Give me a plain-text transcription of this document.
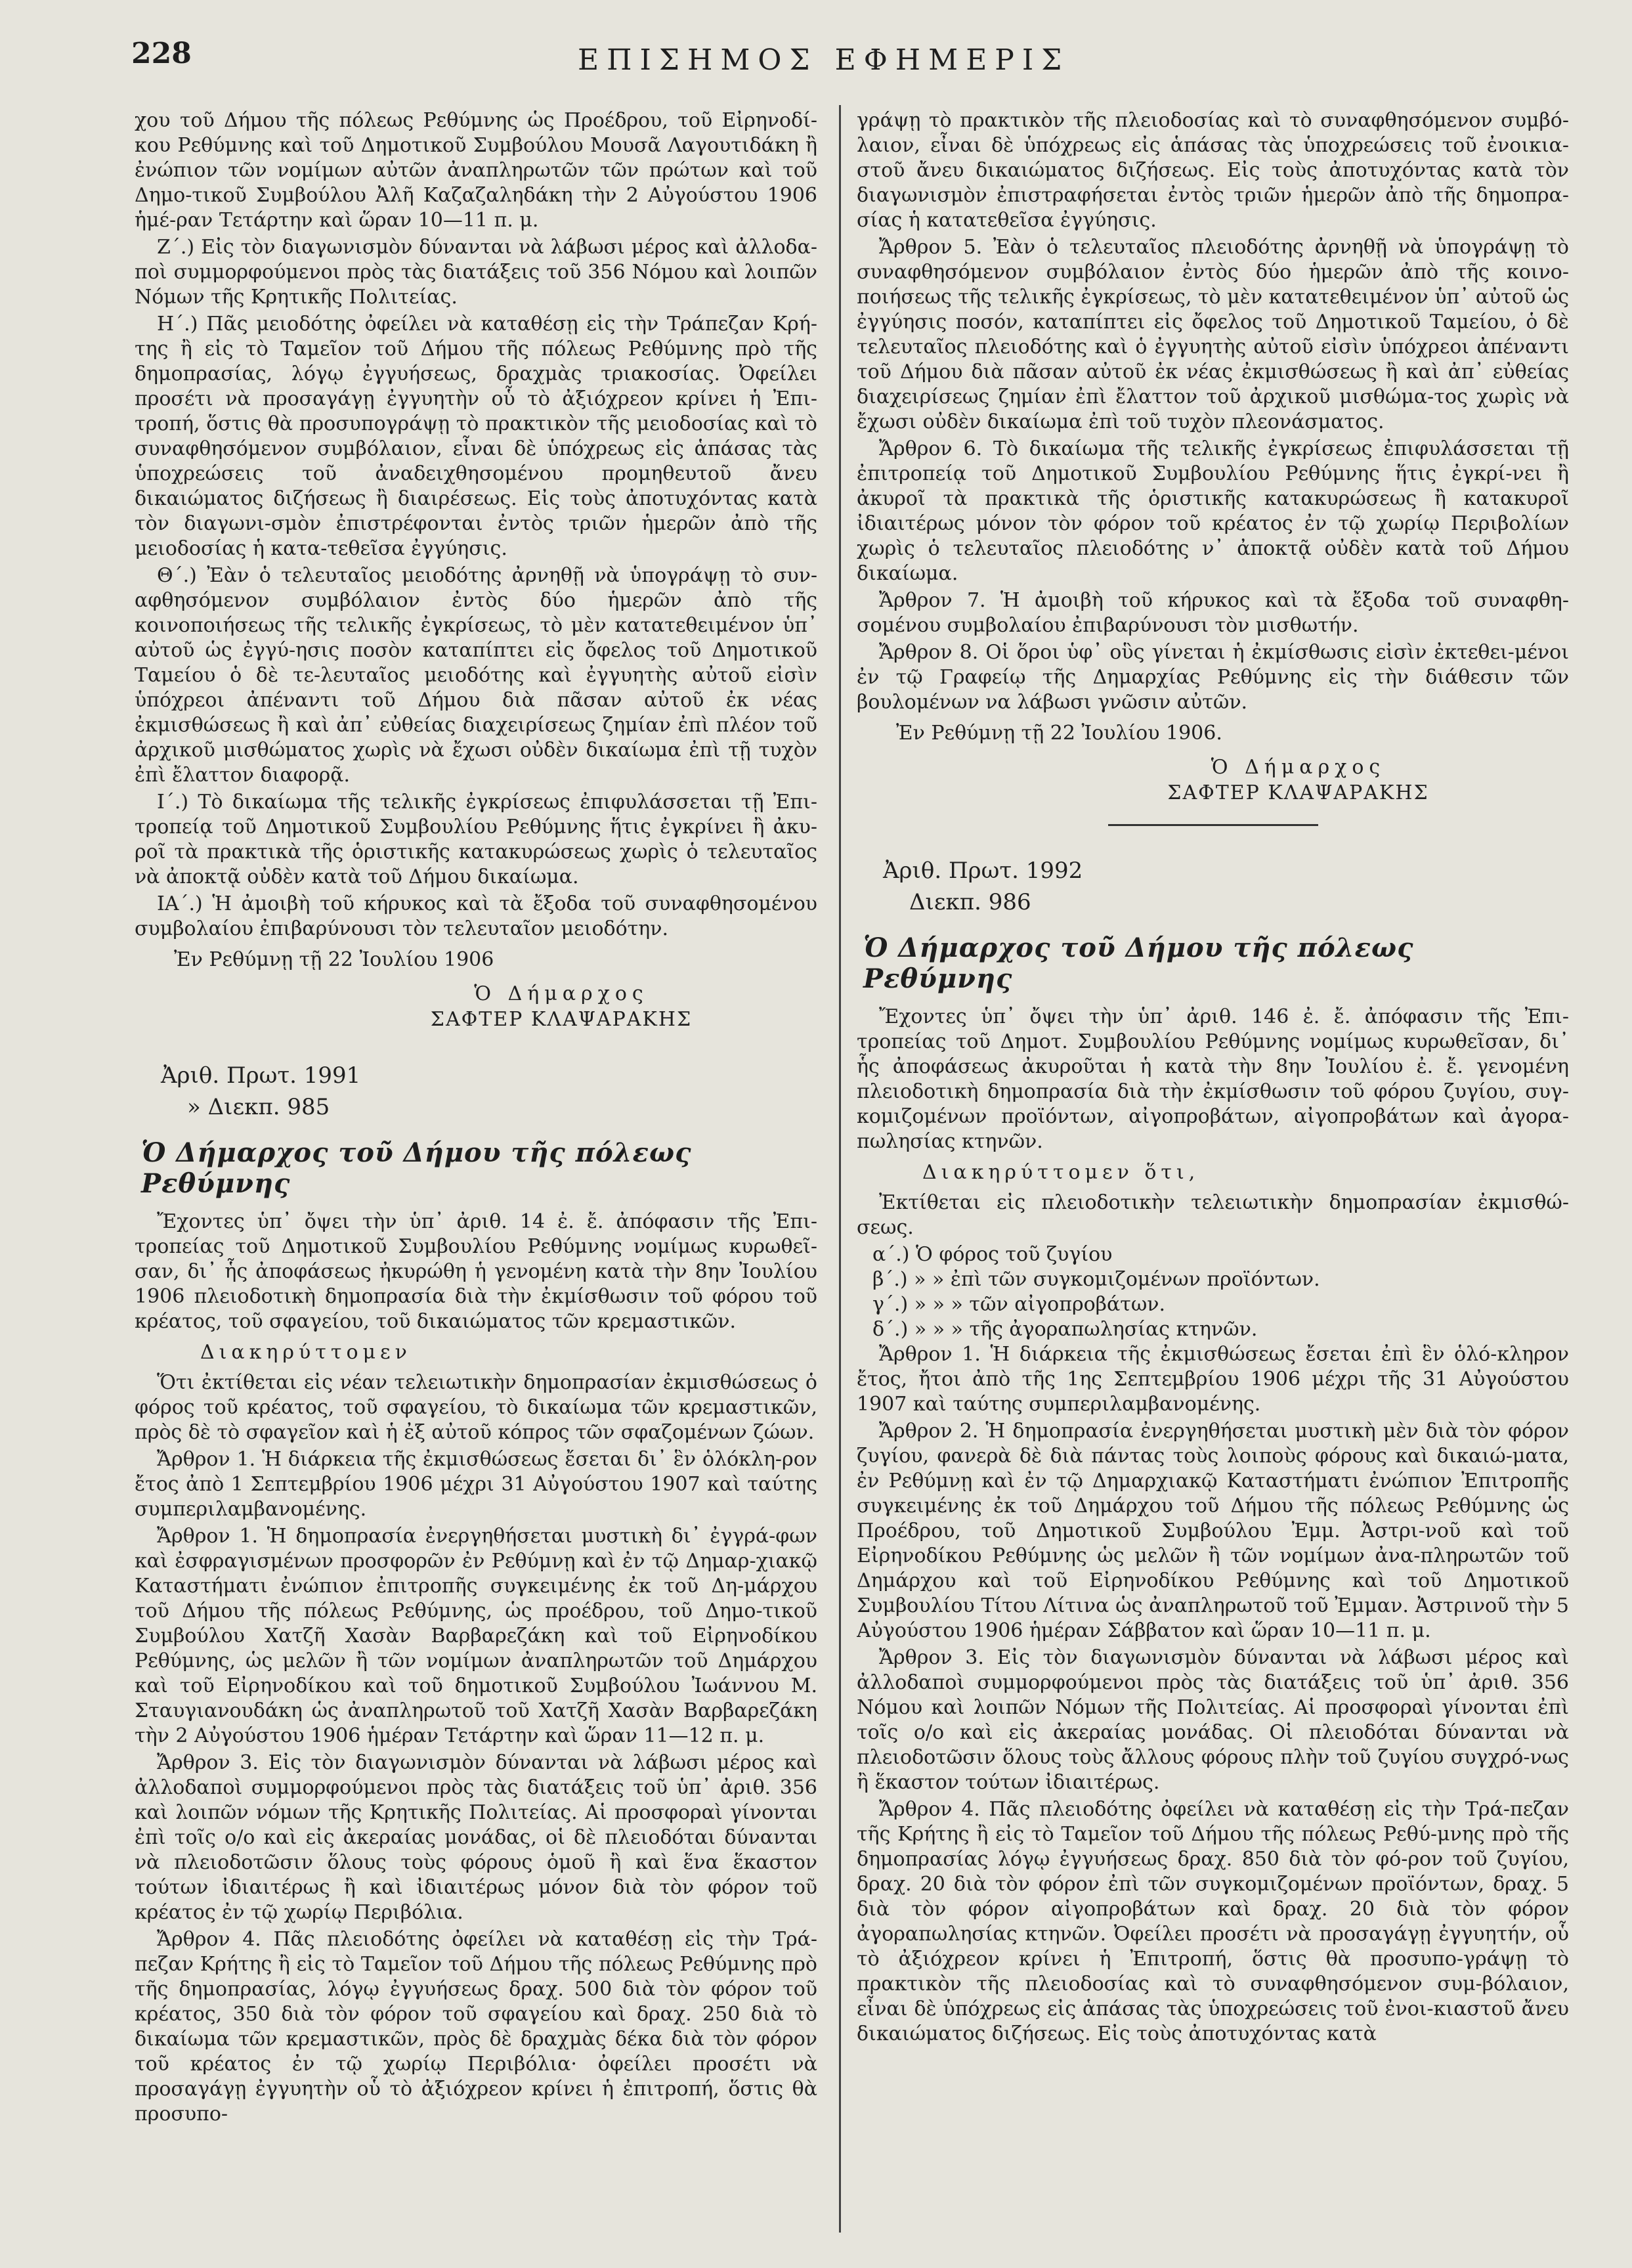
228	ΕΠΙΣΗΜΟΣ ΕΦΗΜΕΡΙΣ

χου τοῦ Δήμου τῆς πόλεως Ρεθύμνης ὡς Προέδρου, τοῦ Εἰρηνοδί-κου Ρεθύμνης καὶ τοῦ Δημοτικοῦ Συμβούλου Μουσᾶ Λαγουτιδάκη ἢ ἐνώπιον τῶν νομίμων αὐτῶν ἀναπληρωτῶν τῶν πρώτων καὶ τοῦ Δημο-τικοῦ Συμβούλου Ἀλῆ Καζαζαληδάκη τὴν 2 Αὐγούστου 1906 ἡμέ-ραν Τετάρτην καὶ ὥραν 10—11 π. μ.

Ζ΄.) Εἰς τὸν διαγωνισμὸν δύνανται νὰ λάβωσι μέρος καὶ ἀλλοδα-ποὶ συμμορφούμενοι πρὸς τὰς διατάξεις τοῦ 356 Νόμου καὶ λοιπῶν Νόμων τῆς Κρητικῆς Πολιτείας.

Η΄.) Πᾶς μειοδότης ὀφείλει νὰ καταθέσῃ εἰς τὴν Τράπεζαν Κρή-της ἢ εἰς τὸ Ταμεῖον τοῦ Δήμου τῆς πόλεως Ρεθύμνης πρὸ τῆς δημοπρασίας, λόγῳ ἐγγυήσεως, δραχμὰς τριακοσίας. Ὀφείλει προσέτι νὰ προσαγάγῃ ἐγγυητὴν οὗ τὸ ἀξιόχρεον κρίνει ἡ Ἐπι-τροπή, ὅστις θὰ προσυπογράψῃ τὸ πρακτικὸν τῆς μειοδοσίας καὶ τὸ συναφθησόμενον συμβόλαιον, εἶναι δὲ ὑπόχρεως εἰς ἁπάσας τὰς ὑποχρεώσεις τοῦ ἀναδειχθησομένου προμηθευτοῦ ἄνευ δικαιώματος διζήσεως ἢ διαιρέσεως. Εἰς τοὺς ἀποτυχόντας κατὰ τὸν διαγωνι-σμὸν ἐπιστρέφονται ἐντὸς τριῶν ἡμερῶν ἀπὸ τῆς μειοδοσίας ἡ κατα-τεθεῖσα ἐγγύησις.

Θ΄.) Ἐὰν ὁ τελευταῖος μειοδότης ἀρνηθῇ νὰ ὑπογράψῃ τὸ συν-αφθησόμενον συμβόλαιον ἐντὸς δύο ἡμερῶν ἀπὸ τῆς κοινοποιήσεως τῆς τελικῆς ἐγκρίσεως, τὸ μὲν κατατεθειμένον ὑπ᾽ αὐτοῦ ὡς ἐγγύ-ησις ποσὸν καταπίπτει εἰς ὄφελος τοῦ Δημοτικοῦ Ταμείου ὁ δὲ τε-λευταῖος μειοδότης καὶ ἐγγυητὴς αὐτοῦ εἰσὶν ὑπόχρεοι ἀπέναντι τοῦ Δήμου διὰ πᾶσαν αὐτοῦ ἐκ νέας ἐκμισθώσεως ἢ καὶ ἀπ᾽ εὐθείας διαχειρίσεως ζημίαν ἐπὶ πλέον τοῦ ἀρχικοῦ μισθώματος χωρὶς νὰ ἔχωσι οὐδὲν δικαίωμα ἐπὶ τῇ τυχὸν ἐπὶ ἔλαττον διαφορᾷ.

Ι΄.) Τὸ δικαίωμα τῆς τελικῆς ἐγκρίσεως ἐπιφυλάσσεται τῇ Ἐπι-τροπείᾳ τοῦ Δημοτικοῦ Συμβουλίου Ρεθύμνης ἥτις ἐγκρίνει ἢ ἀκυ-ροῖ τὰ πρακτικὰ τῆς ὁριστικῆς κατακυρώσεως χωρὶς ὁ τελευταῖος νὰ ἀποκτᾷ οὐδὲν κατὰ τοῦ Δήμου δικαίωμα.

ΙΑ΄.) Ἡ ἀμοιβὴ τοῦ κήρυκος καὶ τὰ ἔξοδα τοῦ συναφθησομένου συμβολαίου ἐπιβαρύνουσι τὸν τελευταῖον μειοδότην.

Ἐν Ρεθύμνῃ τῇ 22 Ἰουλίου 1906
Ὁ Δήμαρχος
ΣΑΦΤΕΡ ΚΛΑΨΑΡΑΚΗΣ
Ἀριθ. Πρωτ. 1991
» Διεκπ. 985
Ὁ Δήμαρχος τοῦ Δήμου τῆς πόλεως Ρεθύμνης

Ἔχοντες ὑπ᾽ ὄψει τὴν ὑπ᾽ ἀριθ. 14 ἐ. ἔ. ἀπόφασιν τῆς Ἐπι-τροπείας τοῦ Δημοτικοῦ Συμβουλίου Ρεθύμνης νομίμως κυρωθεῖ-σαν, δι᾽ ἧς ἀποφάσεως ἠκυρώθη ἡ γενομένη κατὰ τὴν 8ην Ἰουλίου 1906 πλειοδοτικὴ δημοπρασία διὰ τὴν ἐκμίσθωσιν τοῦ φόρου τοῦ κρέατος, τοῦ σφαγείου, τοῦ δικαιώματος τῶν κρεμαστικῶν.

Διακηρύττομεν

Ὅτι ἐκτίθεται εἰς νέαν τελειωτικὴν δημοπρασίαν ἐκμισθώσεως ὁ φόρος τοῦ κρέατος, τοῦ σφαγείου, τὸ δικαίωμα τῶν κρεμαστικῶν, πρὸς δὲ τὸ σφαγεῖον καὶ ἡ ἐξ αὐτοῦ κόπρος τῶν σφαζομένων ζώων.

Ἄρθρον 1. Ἡ διάρκεια τῆς ἐκμισθώσεως ἔσεται δι᾽ ἓν ὁλόκλη-ρον ἔτος ἀπὸ 1 Σεπτεμβρίου 1906 μέχρι 31 Αὐγούστου 1907 καὶ ταύτης συμπεριλαμβανομένης.

Ἄρθρον 1. Ἡ δημοπρασία ἐνεργηθήσεται μυστικὴ δι᾽ ἐγγρά-φων καὶ ἐσφραγισμένων προσφορῶν ἐν Ρεθύμνῃ καὶ ἐν τῷ Δημαρ-χιακῷ Καταστήματι ἐνώπιον ἐπιτροπῆς συγκειμένης ἐκ τοῦ Δη-μάρχου τοῦ Δήμου τῆς πόλεως Ρεθύμνης, ὡς προέδρου, τοῦ Δημο-τικοῦ Συμβούλου Χατζῆ Χασὰν Βαρβαρεζάκη καὶ τοῦ Εἰρηνοδίκου Ρεθύμνης, ὡς μελῶν ἢ τῶν νομίμων ἀναπληρωτῶν τοῦ Δημάρχου καὶ τοῦ Εἰρηνοδίκου καὶ τοῦ δημοτικοῦ Συμβούλου Ἰωάννου Μ. Σταυγιανουδάκη ὡς ἀναπληρωτοῦ τοῦ Χατζῆ Χασὰν Βαρβαρεζάκη τὴν 2 Αὐγούστου 1906 ἡμέραν Τετάρτην καὶ ὥραν 11—12 π. μ.

Ἄρθρον 3. Εἰς τὸν διαγωνισμὸν δύνανται νὰ λάβωσι μέρος καὶ ἀλλοδαποὶ συμμορφούμενοι πρὸς τὰς διατάξεις τοῦ ὑπ᾽ ἀριθ. 356 καὶ λοιπῶν νόμων τῆς Κρητικῆς Πολιτείας. Αἱ προσφοραὶ γίνονται ἐπὶ τοῖς ο/ο καὶ εἰς ἀκεραίας μονάδας, οἱ δὲ πλειοδόται δύνανται νὰ πλειοδοτῶσιν ὅλους τοὺς φόρους ὁμοῦ ἢ καὶ ἕνα ἕκαστον τούτων ἰδιαιτέρως ἢ καὶ ἰδιαιτέρως μόνον διὰ τὸν φόρον τοῦ κρέατος ἐν τῷ χωρίῳ Περιβόλια.

Ἄρθρον 4. Πᾶς πλειοδότης ὀφείλει νὰ καταθέσῃ εἰς τὴν Τρά-πεζαν Κρήτης ἢ εἰς τὸ Ταμεῖον τοῦ Δήμου τῆς πόλεως Ρεθύμνης πρὸ τῆς δημοπρασίας, λόγῳ ἐγγυήσεως δραχ. 500 διὰ τὸν φόρον τοῦ κρέατος, 350 διὰ τὸν φόρον τοῦ σφαγείου καὶ δραχ. 250 διὰ τὸ δικαίωμα τῶν κρεμαστικῶν, πρὸς δὲ δραχμὰς δέκα διὰ τὸν φόρον τοῦ κρέατος ἐν τῷ χωρίῳ Περιβόλια· ὀφείλει προσέτι νὰ προσαγάγῃ ἐγγυητὴν οὗ τὸ ἀξιόχρεον κρίνει ἡ ἐπιτροπή, ὅστις θὰ προσυπο-

γράψῃ τὸ πρακτικὸν τῆς πλειοδοσίας καὶ τὸ συναφθησόμενον συμβό-λαιον, εἶναι δὲ ὑπόχρεως εἰς ἁπάσας τὰς ὑποχρεώσεις τοῦ ἐνοικια-στοῦ ἄνευ δικαιώματος διζήσεως. Εἰς τοὺς ἀποτυχόντας κατὰ τὸν διαγωνισμὸν ἐπιστραφήσεται ἐντὸς τριῶν ἡμερῶν ἀπὸ τῆς δημοπρα-σίας ἡ κατατεθεῖσα ἐγγύησις.

Ἄρθρον 5. Ἐὰν ὁ τελευταῖος πλειοδότης ἀρνηθῇ νὰ ὑπογράψῃ τὸ συναφθησόμενον συμβόλαιον ἐντὸς δύο ἡμερῶν ἀπὸ τῆς κοινο-ποιήσεως τῆς τελικῆς ἐγκρίσεως, τὸ μὲν κατατεθειμένον ὑπ᾽ αὐτοῦ ὡς ἐγγύησις ποσόν, καταπίπτει εἰς ὄφελος τοῦ Δημοτικοῦ Ταμείου, ὁ δὲ τελευταῖος πλειοδότης καὶ ὁ ἐγγυητὴς αὐτοῦ εἰσὶν ὑπόχρεοι ἀπέναντι τοῦ Δήμου διὰ πᾶσαν αὐτοῦ ἐκ νέας ἐκμισθώσεως ἢ καὶ ἀπ᾽ εὐθείας διαχειρίσεως ζημίαν ἐπὶ ἔλαττον τοῦ ἀρχικοῦ μισθώμα-τος χωρὶς νὰ ἔχωσι οὐδὲν δικαίωμα ἐπὶ τοῦ τυχὸν πλεονάσματος.

Ἄρθρον 6. Τὸ δικαίωμα τῆς τελικῆς ἐγκρίσεως ἐπιφυλάσσεται τῇ ἐπιτροπείᾳ τοῦ Δημοτικοῦ Συμβουλίου Ρεθύμνης ἥτις ἐγκρί-νει ἢ ἀκυροῖ τὰ πρακτικὰ τῆς ὁριστικῆς κατακυρώσεως ἢ κατακυροῖ ἰδιαιτέρως μόνον τὸν φόρον τοῦ κρέατος ἐν τῷ χωρίῳ Περιβολίων χωρὶς ὁ τελευταῖος πλειοδότης ν᾽ ἀποκτᾷ οὐδὲν κατὰ τοῦ Δήμου δικαίωμα.

Ἄρθρον 7. Ἡ ἀμοιβὴ τοῦ κήρυκος καὶ τὰ ἔξοδα τοῦ συναφθη-σομένου συμβολαίου ἐπιβαρύνουσι τὸν μισθωτήν.

Ἄρθρον 8. Οἱ ὅροι ὑφ᾽ οὓς γίνεται ἡ ἐκμίσθωσις εἰσὶν ἐκτεθει-μένοι ἐν τῷ Γραφείῳ τῆς Δημαρχίας Ρεθύμνης εἰς τὴν διάθεσιν τῶν βουλομένων να λάβωσι γνῶσιν αὐτῶν.

Ἐν Ρεθύμνῃ τῇ 22 Ἰουλίου 1906.
Ὁ Δήμαρχος
ΣΑΦΤΕΡ ΚΛΑΨΑΡΑΚΗΣ
Ἀριθ. Πρωτ. 1992
Διεκπ. 986
Ὁ Δήμαρχος τοῦ Δήμου τῆς πόλεως Ρεθύμνης

Ἔχοντες ὑπ᾽ ὄψει τὴν ὑπ᾽ ἀριθ. 146 ἐ. ἔ. ἀπόφασιν τῆς Ἐπι-τροπείας τοῦ Δημοτ. Συμβουλίου Ρεθύμνης νομίμως κυρωθεῖσαν, δι᾽ ἧς ἀποφάσεως ἀκυροῦται ἡ κατὰ τὴν 8ην Ἰουλίου ἐ. ἔ. γενομένη πλειοδοτικὴ δημοπρασία διὰ τὴν ἐκμίσθωσιν τοῦ φόρου ζυγίου, συγ-κομιζομένων προϊόντων, αἰγοπροβάτων, αἰγοπροβάτων καὶ ἀγορα-πωλησίας κτηνῶν.

Διακηρύττομεν ὅτι,

Ἐκτίθεται εἰς πλειοδοτικὴν τελειωτικὴν δημοπρασίαν ἐκμισθώ-σεως.

α΄.) Ὁ φόρος τοῦ ζυγίου
β΄.) » » ἐπὶ τῶν συγκομιζομένων προϊόντων.
γ΄.) » » » τῶν αἰγοπροβάτων.
δ΄.) » » » τῆς ἀγοραπωλησίας κτηνῶν.

Ἄρθρον 1. Ἡ διάρκεια τῆς ἐκμισθώσεως ἔσεται ἐπὶ ἓν ὁλό-κληρον ἔτος, ἤτοι ἀπὸ τῆς 1ης Σεπτεμβρίου 1906 μέχρι τῆς 31 Αὐγούστου 1907 καὶ ταύτης συμπεριλαμβανομένης.

Ἄρθρον 2. Ἡ δημοπρασία ἐνεργηθήσεται μυστικὴ μὲν διὰ τὸν φόρον ζυγίου, φανερὰ δὲ διὰ πάντας τοὺς λοιποὺς φόρους καὶ δικαιώ-ματα, ἐν Ρεθύμνῃ καὶ ἐν τῷ Δημαρχιακῷ Καταστήματι ἐνώπιον Ἐπιτροπῆς συγκειμένης ἐκ τοῦ Δημάρχου τοῦ Δήμου τῆς πόλεως Ρεθύμνης ὡς Προέδρου, τοῦ Δημοτικοῦ Συμβούλου Ἐμμ. Ἀστρι-νοῦ καὶ τοῦ Εἰρηνοδίκου Ρεθύμνης ὡς μελῶν ἢ τῶν νομίμων ἀνα-πληρωτῶν τοῦ Δημάρχου καὶ τοῦ Εἰρηνοδίκου Ρεθύμνης καὶ τοῦ Δημοτικοῦ Συμβουλίου Τίτου Λίτινα ὡς ἀναπληρωτοῦ τοῦ Ἐμμαν. Ἀστρινοῦ τὴν 5 Αὐγούστου 1906 ἡμέραν Σάββατον καὶ ὥραν 10—11 π. μ.

Ἄρθρον 3. Εἰς τὸν διαγωνισμὸν δύνανται νὰ λάβωσι μέρος καὶ ἀλλοδαποὶ συμμορφούμενοι πρὸς τὰς διατάξεις τοῦ ὑπ᾽ ἀριθ. 356 Νόμου καὶ λοιπῶν Νόμων τῆς Πολιτείας. Αἱ προσφοραὶ γίνονται ἐπὶ τοῖς ο/ο καὶ εἰς ἀκεραίας μονάδας. Οἱ πλειοδόται δύνανται νὰ πλειοδοτῶσιν ὅλους τοὺς ἄλλους φόρους πλὴν τοῦ ζυγίου συγχρό-νως ἢ ἕκαστον τούτων ἰδιαιτέρως.

Ἄρθρον 4. Πᾶς πλειοδότης ὀφείλει νὰ καταθέσῃ εἰς τὴν Τρά-πεζαν τῆς Κρήτης ἢ εἰς τὸ Ταμεῖον τοῦ Δήμου τῆς πόλεως Ρεθύ-μνης πρὸ τῆς δημοπρασίας λόγῳ ἐγγυήσεως δραχ. 850 διὰ τὸν φό-ρον τοῦ ζυγίου, δραχ. 20 διὰ τὸν φόρον ἐπὶ τῶν συγκομιζομένων προϊόντων, δραχ. 5 διὰ τὸν φόρον αἰγοπροβάτων καὶ δραχ. 20 διὰ τὸν φόρον ἀγοραπωλησίας κτηνῶν. Ὀφείλει προσέτι νὰ προσαγάγῃ ἐγγυητήν, οὗ τὸ ἀξιόχρεον κρίνει ἡ Ἐπιτροπή, ὅστις θὰ προσυπο-γράψῃ τὸ πρακτικὸν τῆς πλειοδοσίας καὶ τὸ συναφθησόμενον συμ-βόλαιον, εἶναι δὲ ὑπόχρεως εἰς ἁπάσας τὰς ὑποχρεώσεις τοῦ ἐνοι-κιαστοῦ ἄνευ δικαιώματος διζήσεως. Εἰς τοὺς ἀποτυχόντας κατὰ
